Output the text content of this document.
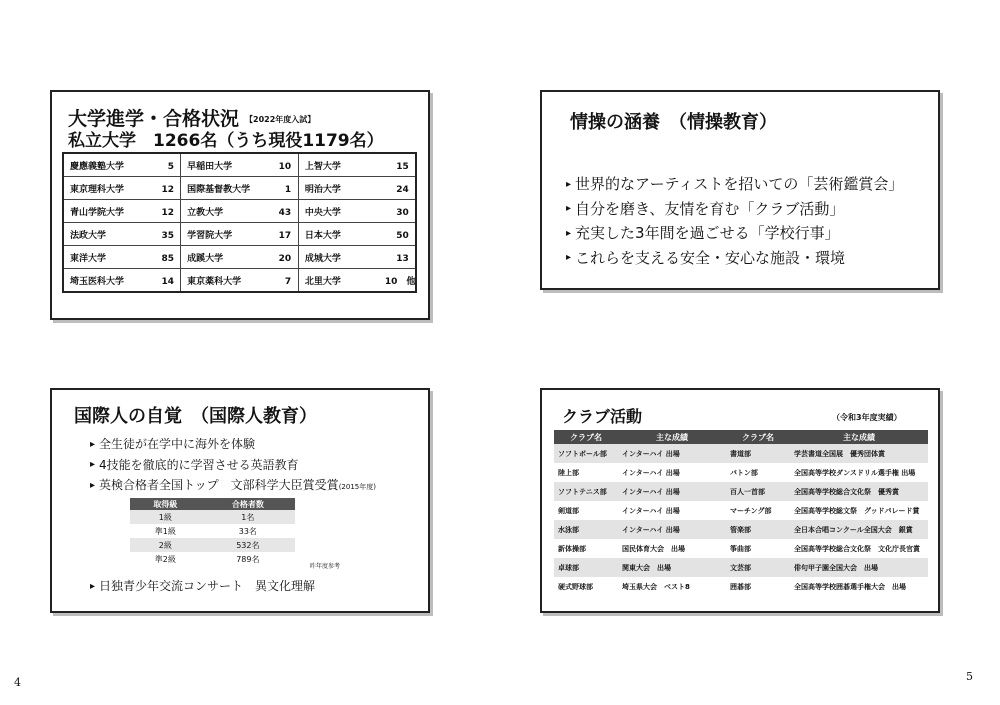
大学進学・合格状況 【2022年度入試】
私立大学　1266名（うち現役1179名）
慶應義塾大学 5	早稲田大学 10	上智大学 15
東京理科大学 12	国際基督教大学 1	明治大学 24
青山学院大学 12	立教大学 43	中央大学 30
法政大学 35	学習院大学 17	日本大学 50
東洋大学 85	成蹊大学 20	成城大学 13
埼玉医科大学 14	東京薬科大学 7	北里大学 10　他
情操の涵養　（情操教育）
▸ 世界的なアーティストを招いての「芸術鑑賞会」
▸ 自分を磨き、友情を育む「クラブ活動」
▸ 充実した3年間を過ごせる「学校行事」
▸ これらを支える安全・安心な施設・環境
国際人の自覚　（国際人教育）
▸ 全生徒が在学中に海外を体験
▸ 4技能を徹底的に学習させる英語教育
▸ 英検合格者全国トップ　文部科学大臣賞受賞(2015年度)
取得級	合格者数
1級	1名
準1級	33名
2級	532名
準2級	789名
昨年度参考
▸ 日独青少年交流コンサート　異文化理解
クラブ活動	（令和3年度実績）
クラブ名	主な成績	クラブ名	主な成績
ソフトボール部	インターハイ 出場	書道部	学芸書道全国展　優秀団体賞
陸上部	インターハイ 出場	バトン部	全国高等学校ダンスドリル選手権 出場
ソフトテニス部	インターハイ 出場	百人一首部	全国高等学校総合文化祭　優秀賞
剣道部	インターハイ 出場	マーチング部	全国高等学校総文祭　グッドパレード賞
水泳部	インターハイ 出場	管楽部	全日本合唱コンクール全国大会　銀賞
新体操部	国民体育大会　出場	筝曲部	全国高等学校総合文化祭　文化庁長官賞
卓球部	関東大会　出場	文芸部	俳句甲子園全国大会　出場
硬式野球部	埼玉県大会　ベスト8	囲碁部	全国高等学校囲碁選手権大会　出場
4	5
